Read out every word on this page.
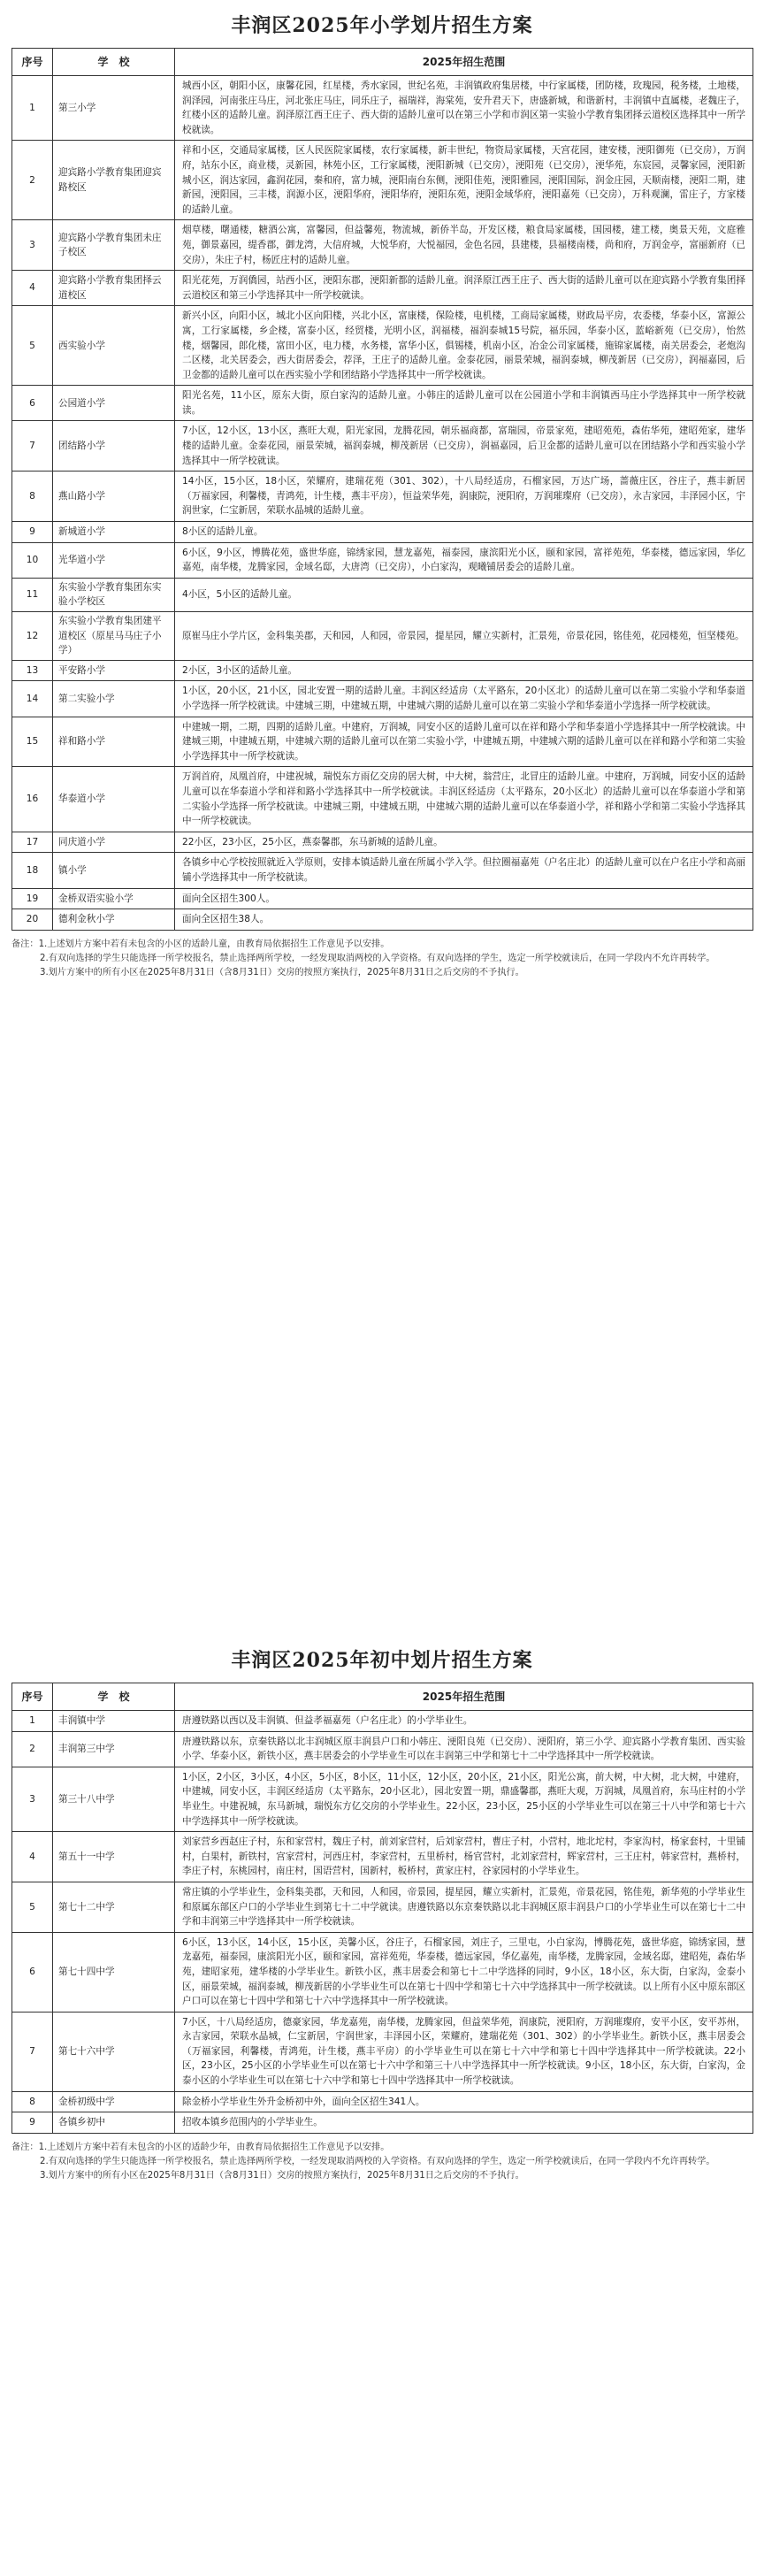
丰润区2025年小学划片招生方案
序号	学　校	2025年招生范围
1	第三小学	城西小区，朝阳小区，康馨花园，红星楼，秀水家园，世纪名苑，丰润镇政府集居楼，中行家属楼，团防楼，玫瑰园，税务楼，土地楼，润泽园，河南张庄马庄，河北张庄马庄，同乐庄子，福瑞祥，海棠苑，安升君天下，唐盛新城，和谐新村，丰润镇中直属楼，老魏庄子，红楼小区的适龄儿童。润泽原江西王庄子、西大街的适龄儿童可以在第三小学和市润区第一实验小学教育集团择云道校区选择其中一所学校就读。
2	迎宾路小学教育集团迎宾路校区	祥和小区，交通局家属楼，区人民医院家属楼，农行家属楼，新丰世纪，物资局家属楼，天宫花园，建安楼，浭阳御苑（已交房），万润府，站东小区，商业楼，灵新园，林苑小区，工行家属楼，浭阳新城（已交房），浭阳苑（已交房），浭华苑，东宸园，灵馨家园，浭阳新城小区，润达家园，鑫润花园，秦和府，富力城，浭阳南台东侧，浭阳佳苑，浭阳雅园，浭阳国际，润金庄园，天顺南楼，浭阳二期，建新园，浭阳园，三丰楼，润源小区，浭阳华府，浭阳华府，浭阳东苑，浭阳金域华府，浭阳嘉苑（已交房），万科观澜，雷庄子，方家楼的适龄儿童。
3	迎宾路小学教育集团未庄子校区	烟草楼，曙通楼，糖酒公寓，富馨园，但益馨苑，物流城，新侨半岛，开发区楼，粮食局家属楼，国园楼，建工楼，奥景天苑，文庭雅苑，御景嘉园，缇香郡，御龙湾，大信府城，大悦华府，大悦福园，金色名园，县建楼，县福楼南楼，尚和府，万润金亭，富丽新府（已交房），朱庄子村，杨匠庄村的适龄儿童。
4	迎宾路小学教育集团择云道校区	阳光花苑，万润僑园，站西小区，浭阳东郡，浭阳新都的适龄儿童。润泽原江西王庄子、西大街的适龄儿童可以在迎宾路小学教育集团择云道校区和第三小学选择其中一所学校就读。
5	西实验小学	新兴小区，向阳小区，城北小区向阳楼，兴北小区，富康楼，保险楼，电机楼，工商局家属楼，财政局平房，农委楼，华泰小区，富源公寓，工行家属楼，乡企楼，富泰小区，经贸楼，光明小区，润福楼，福润泰城15号院，福乐园，华泰小区，蓝峪新苑（已交房），怡然楼，烟馨园，郎化楼，富田小区，电力楼，水务楼，富华小区，俱锡楼，机南小区，冶金公司家属楼，施锦家属楼，南关居委会，老炮沟二区楼，北关居委会，西大街居委会，荐泽，王庄子的适龄儿童。金泰花园，丽景荣城，福润泰城，柳茂新居（已交房），润福嘉园，后卫金都的适龄儿童可以在西实验小学和团结路小学选择其中一所学校就读。
6	公园道小学	阳光名苑，11小区，原东大街，原白家沟的适龄儿童。小韩庄的适龄儿童可以在公园道小学和丰润镇西马庄小学选择其中一所学校就读。
7	团结路小学	7小区，12小区，13小区，燕旺大观，阳光家园，龙腾花园，朝乐福商都，富瑞园，帝景家苑，建昭苑苑，森佑华苑，建昭苑家，建华楼的适龄儿童。金泰花园，丽景荣城，福润泰城，柳茂新居（已交房），润福嘉园，后卫金都的适龄儿童可以在团结路小学和西实验小学选择其中一所学校就读。
8	燕山路小学	14小区，15小区，18小区，荣耀府，建瑞花苑（301、302），十八局经适房，石榴家园，万达广场，蔷薇庄区，谷庄子，燕丰新居（万福家园，利馨楼，青鸿苑，计生楼，燕丰平房），恒益荣华苑，润康院，浭阳府，万润璀璨府（已交房），永吉家园，丰泽园小区，宇润世家，仁宝新居，荣联水晶城的适龄儿童。
9	新城道小学	8小区的适龄儿童。
10	光华道小学	6小区，9小区，博腾花苑，盛世华庭，锦绣家园，慧龙嘉苑，福泰园，康滨阳光小区，颐和家园，富祥苑苑，华泰楼，德远家园，华亿嘉苑，南华楼，龙腾家园，金域名邸，大唐湾（已交房），小白家沟，观曦铺居委会的适龄儿童。
11	东实验小学教育集团东实验小学校区	4小区，5小区的适龄儿童。
12	东实验小学教育集团建平道校区（原星马马庄子小学）	原崔马庄小学片区，金科集美郡，天和园，人和园，帝景园，提星园，耀立实新村，汇景苑，帝景花园，铭佳苑，花园楼苑，恒坚楼苑。
13	平安路小学	2小区，3小区的适龄儿童。
14	第二实验小学	1小区，20小区，21小区，园北安置一期的适龄儿童。丰润区经适房（太平路东，20小区北）的适龄儿童可以在第二实验小学和华泰道小学选择一所学校就读。中建城三期，中建城五期，中建城六期的适龄儿童可以在第二实验小学和华泰道小学选择一所学校就读。
15	祥和路小学	中建城一期，二期，四期的适龄儿童。中建府，万润城，同安小区的适龄儿童可以在祥和路小学和华泰道小学选择其中一所学校就读。中建城三期，中建城五期，中建城六期的适龄儿童可以在第二实验小学，中建城五期，中建城六期的适龄儿童可以在祥和路小学和第二实验小学选择其中一所学校就读。
16	华泰道小学	万润首府，凤凰首府，中建祝城，瑞悦东方雨亿交房的居大树，中大树，翁营庄，北冒庄的适龄儿童。中建府，万润城，同安小区的适龄儿童可以在华泰道小学和祥和路小学选择其中一所学校就读。丰润区经适房（太平路东，20小区北）的适龄儿童可以在华泰道小学和第二实验小学选择一所学校就读。中建城三期，中建城五期，中建城六期的适龄儿童可以在华泰道小学，祥和路小学和第二实验小学选择其中一所学校就读。
17	同庆道小学	22小区，23小区，25小区，燕泰馨郡，东马新城的适龄儿童。
18	镇小学	各镇乡中心学校按照就近入学原则，安排本镇适龄儿童在所属小学入学。但拉圈福嘉苑（户名庄北）的适龄儿童可以在户名庄小学和高丽铺小学选择其中一所学校就读。
19	金桥双语实验小学	面向全区招生300人。
20	德利金秋小学	面向全区招生38人。
备注：1.上述划片方案中若有未包含的小区的适龄儿童，由教育局依据招生工作意见予以安排。
2.有双向选择的学生只能选择一所学校报名，禁止选择两所学校，一经发现取消两校的入学资格。有双向选择的学生，选定一所学校就读后，在同一学段内不允许再转学。
3.划片方案中的所有小区在2025年8月31日（含8月31日）交房的按照方案执行，2025年8月31日之后交房的不予执行。
丰润区2025年初中划片招生方案
序号	学　校	2025年招生范围
1	丰润镇中学	唐遵铁路以西以及丰润镇、但益孝福嘉苑（户名庄北）的小学毕业生。
2	丰润第三中学	唐遵铁路以东，京秦铁路以北丰润城区原丰润县户口和小韩庄、浭阳良苑（已交房）、浭阳府，第三小学、迎宾路小学教育集团、西实验小学、华泰小区，新铁小区，燕丰居委会的小学毕业生可以在丰润第三中学和第七十二中学选择其中一所学校就读。
3	第三十八中学	1小区，2小区，3小区，4小区，5小区，8小区，11小区，12小区，20小区，21小区，阳光公寓，前大树，中大树，北大树，中建府，中建城，同安小区，丰润区经适房（太平路东，20小区北），园北安置一期，鼎盛馨郡，燕旺大观，万润城，凤凰首府，东马庄村的小学毕业生。中建祝城，东马新城，瑞悦东方亿交房的小学毕业生。22小区，23小区，25小区的小学毕业生可以在第三十八中学和第七十六中学选择其中一所学校就读。
4	第五十一中学	刘家营乡西赵庄子村，东和家营村，魏庄子村，前刘家营村，后刘家营村，曹庄子村，小营村，地北坨村，李家沟村，杨家套村，十里铺村，白果村，新铁村，宫家营村，河西庄村，李家营村，五里桥村，杨官营村，北刘家营村，辉家营村，三王庄村，韩家营村，燕桥村，李庄子村，东桃园村，南庄村，国语营村，国新村，板桥村，黄家庄村，谷家园村的小学毕业生。
5	第七十二中学	常庄镇的小学毕业生，金科集美郡，天和园，人和园，帝景园，提星园，耀立实新村，汇景苑，帝景花园，铭佳苑，新华苑的小学毕业生和原属东部区户口的小学毕业生到第七十二中学就读。唐遵铁路以东京秦铁路以北丰润城区原丰润县户口的小学毕业生可以在第七十二中学和丰润第三中学选择其中一所学校就读。
6	第七十四中学	6小区，13小区，14小区，15小区，美馨小区，谷庄子，石榴家园，刘庄子，三里屯，小白家沟，博腾花苑，盛世华庭，锦绣家园，慧龙嘉苑，福泰园，康滨阳光小区，颐和家园，富祥苑苑，华泰楼，德远家园，华亿嘉苑，南华楼，龙腾家园，金域名邸，建昭苑，森佑华苑，建昭家苑，建华楼的小学毕业生。新铁小区，燕丰居委会和第七十二中学选择的同时，9小区，18小区，东大街，白家沟，金泰小区，丽景荣城，福润泰城，柳茂新居的小学毕业生可以在第七十四中学和第七十六中学选择其中一所学校就读。以上所有小区中原东部区户口可以在第七十四中学和第七十六中学选择其中一所学校就读。
7	第七十六中学	7小区，十八局经适房，德豪家园，华龙嘉苑，南华楼，龙腾家园，但益荣华苑，润康院，浭阳府，万润璀璨府，安平小区，安平苏州，永吉家园，荣联水晶城，仁宝新居，宇润世家，丰泽园小区，荣耀府，建瑞花苑（301、302）的小学毕业生。新铁小区，燕丰居委会（万福家园，利馨楼，青鸿苑，计生楼，燕丰平房）的小学毕业生可以在第七十六中学和第七十四中学选择其中一所学校就读。22小区，23小区，25小区的小学毕业生可以在第七十六中学和第三十八中学选择其中一所学校就读。9小区，18小区，东大街，白家沟，金泰小区的小学毕业生可以在第七十六中学和第七十四中学选择其中一所学校就读。
8	金桥初级中学	除金桥小学毕业生外升金桥初中外，面向全区招生341人。
9	各镇乡初中	招收本镇乡范围内的小学毕业生。
备注：1.上述划片方案中若有未包含的小区的适龄少年，由教育局依据招生工作意见予以安排。
2.有双向选择的学生只能选择一所学校报名，禁止选择两所学校，一经发现取消两校的入学资格。有双向选择的学生，选定一所学校就读后，在同一学段内不允许再转学。
3.划片方案中的所有小区在2025年8月31日（含8月31日）交房的按照方案执行，2025年8月31日之后交房的不予执行。
